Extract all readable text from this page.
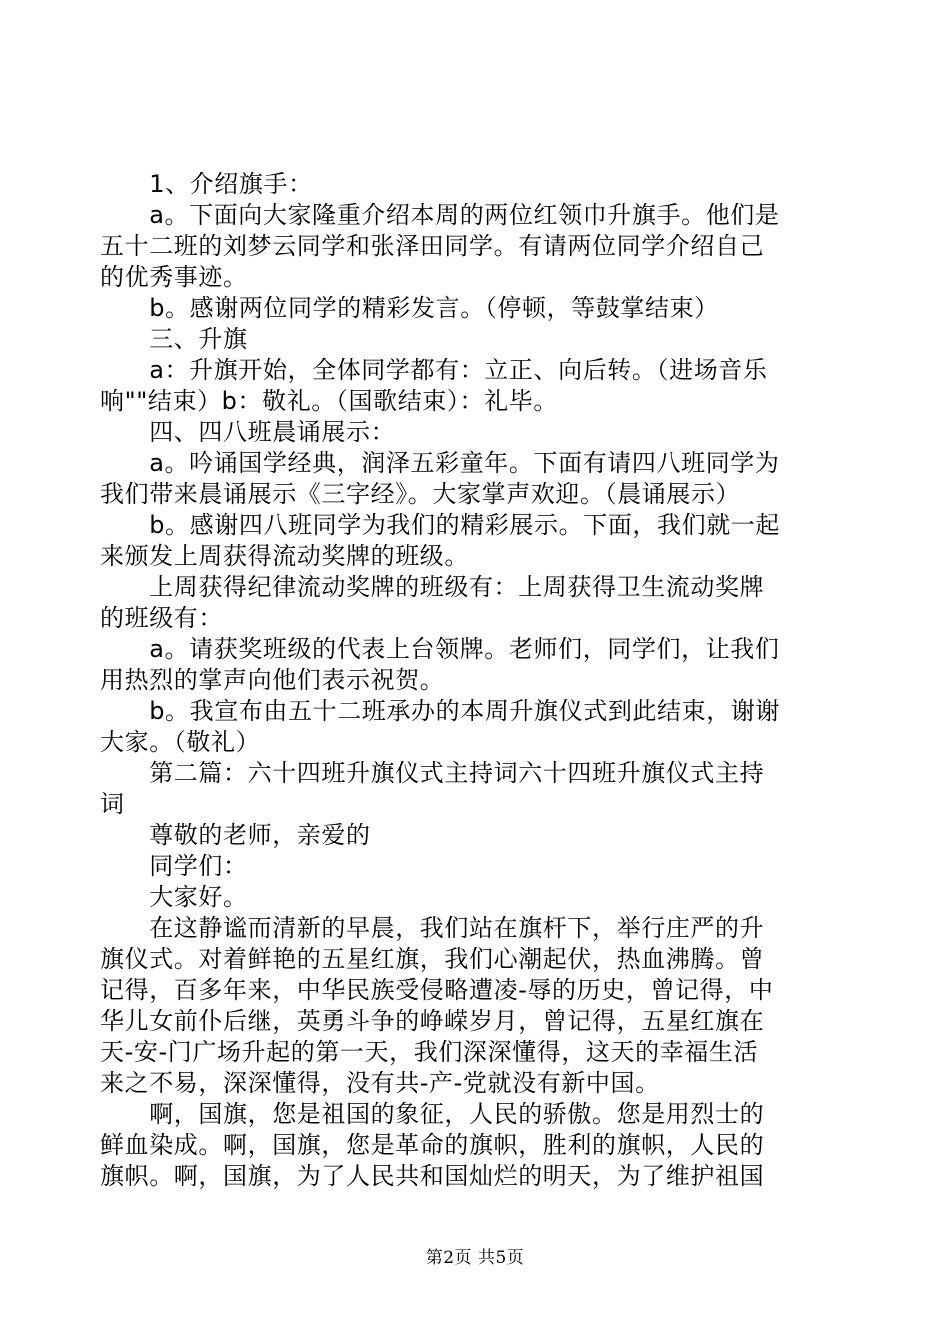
　　1、介绍旗手：
　　a。下面向大家隆重介绍本周的两位红领巾升旗手。他们是
五十二班的刘梦云同学和张泽田同学。有请两位同学介绍自己
的优秀事迹。
　　b。感谢两位同学的精彩发言。（停顿，等鼓掌结束）
　　三、升旗
　　a：升旗开始，全体同学都有：立正、向后转。（进场音乐
响""结束）b：敬礼。（国歌结束）：礼毕。
　　四、四八班晨诵展示：
　　a。吟诵国学经典，润泽五彩童年。下面有请四八班同学为
我们带来晨诵展示《三字经》。大家掌声欢迎。（晨诵展示）
　　b。感谢四八班同学为我们的精彩展示。下面，我们就一起
来颁发上周获得流动奖牌的班级。
　　上周获得纪律流动奖牌的班级有：上周获得卫生流动奖牌
的班级有：
　　a。请获奖班级的代表上台领牌。老师们，同学们，让我们
用热烈的掌声向他们表示祝贺。
　　b。我宣布由五十二班承办的本周升旗仪式到此结束，谢谢
大家。（敬礼）
　　第二篇：六十四班升旗仪式主持词六十四班升旗仪式主持
词
　　尊敬的老师，亲爱的
　　同学们：
　　大家好。
　　在这静谧而清新的早晨，我们站在旗杆下，举行庄严的升
旗仪式。对着鲜艳的五星红旗，我们心潮起伏，热血沸腾。曾
记得，百多年来，中华民族受侵略遭凌-辱的历史，曾记得，中
华儿女前仆后继，英勇斗争的峥嵘岁月，曾记得，五星红旗在
天-安-门广场升起的第一天，我们深深懂得，这天的幸福生活
来之不易，深深懂得，没有共-产-党就没有新中国。
　　啊，国旗，您是祖国的象征，人民的骄傲。您是用烈士的
鲜血染成。啊，国旗，您是革命的旗帜，胜利的旗帜，人民的
旗帜。啊，国旗，为了人民共和国灿烂的明天，为了维护祖国
第2页 共5页
